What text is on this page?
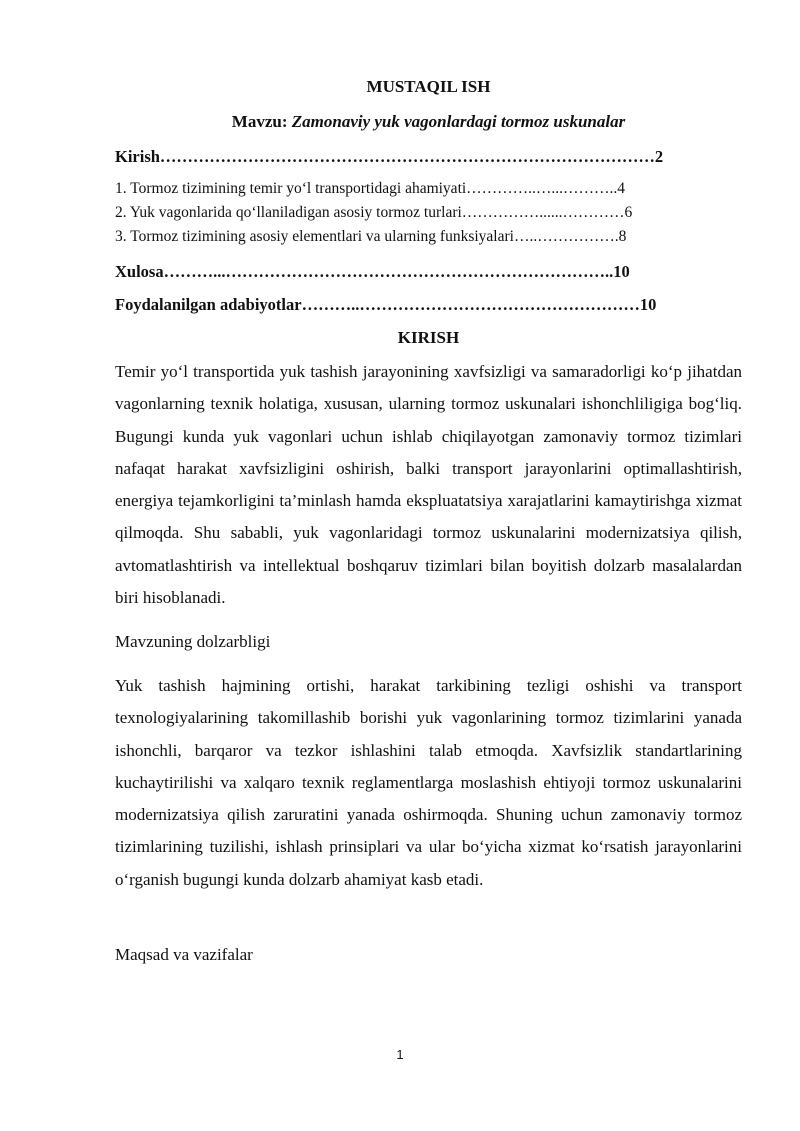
MUSTAQIL ISH
Mavzu: Zamonaviy yuk vagonlardagi tormoz uskunalar
Kirish………………………………………………………………………………2
1. Tormoz tizimining temir yo‘l transportidagi ahamiyati…………..…...………..4
2. Yuk vagonlarida qo‘llaniladigan asosiy tormoz turlari……………......…………6
3. Tormoz tizimining asosiy elementlari va ularning funksiyalari…..…………….8
Xulosa………...……………………………………………………………..10
Foydalanilgan adabiyotlar………..……………………………………………10
KIRISH

Temir yo‘l transportida yuk tashish jarayonining xavfsizligi va samaradorligi ko‘p jihatdan vagonlarning texnik holatiga, xususan, ularning tormoz uskunalari ishonchliligiga bog‘liq. Bugungi kunda yuk vagonlari uchun ishlab chiqilayotgan zamonaviy tormoz tizimlari nafaqat harakat xavfsizligini oshirish, balki transport jarayonlarini optimallashtirish, energiya tejamkorligini ta’minlash hamda ekspluatatsiya xarajatlarini kamaytirishga xizmat qilmoqda. Shu sababli, yuk vagonlaridagi tormoz uskunalarini modernizatsiya qilish, avtomatlashtirish va intellektual boshqaruv tizimlari bilan boyitish dolzarb masalalardan biri hisoblanadi.

Mavzuning dolzarbligi

Yuk tashish hajmining ortishi, harakat tarkibining tezligi oshishi va transport texnologiyalarining takomillashib borishi yuk vagonlarining tormoz tizimlarini yanada ishonchli, barqaror va tezkor ishlashini talab etmoqda. Xavfsizlik standartlarining kuchaytirilishi va xalqaro texnik reglamentlarga moslashish ehtiyoji tormoz uskunalarini modernizatsiya qilish zaruratini yanada oshirmoqda. Shuning uchun zamonaviy tormoz tizimlarining tuzilishi, ishlash prinsiplari va ular bo‘yicha xizmat ko‘rsatish jarayonlarini o‘rganish bugungi kunda dolzarb ahamiyat kasb etadi.

Maqsad va vazifalar
1
